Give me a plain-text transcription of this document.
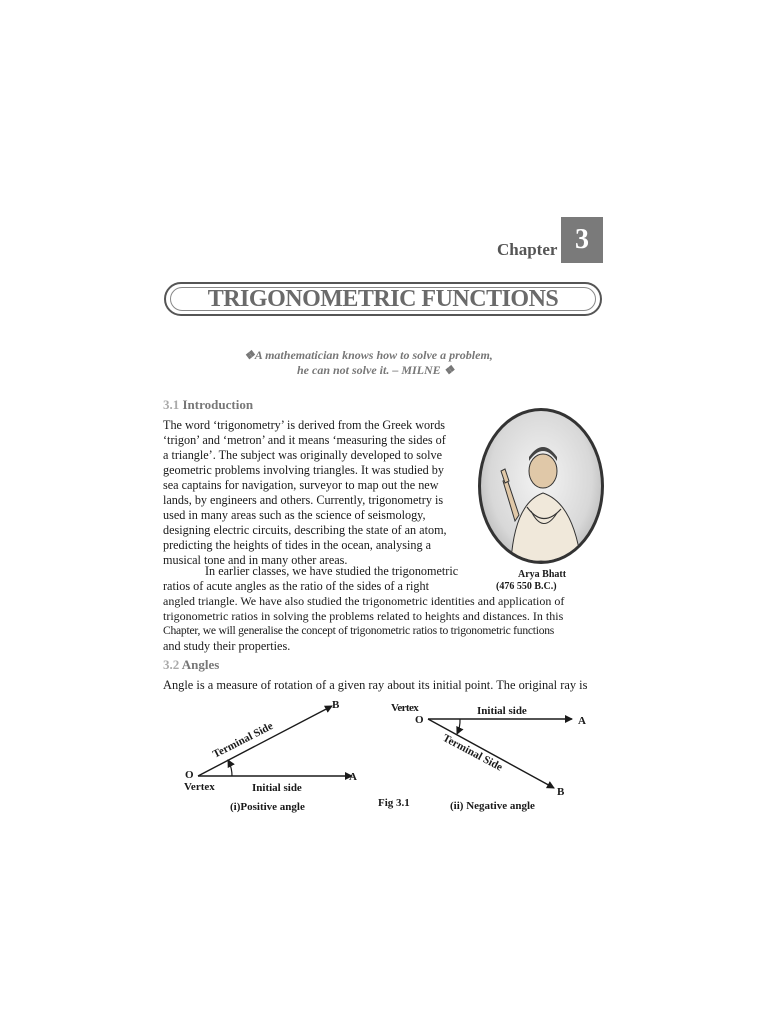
Chapter 3
TRIGONOMETRIC FUNCTIONS
❖A mathematician knows how to solve a problem,
he can not solve it. – MILNE ❖
3.1 Introduction
The word ‘trigonometry’ is derived from the Greek words
‘trigon’ and ‘metron’ and it means ‘measuring the sides of
a triangle’. The subject was originally developed to solve
geometric problems involving triangles. It was studied by
sea captains for navigation, surveyor to map out the new
lands, by engineers and others. Currently, trigonometry is
used in many areas such as the science of seismology,
designing electric circuits, describing the state of an atom,
predicting the heights of tides in the ocean, analysing a
musical tone and in many other areas.
In earlier classes, we have studied the trigonometric
ratios of acute angles as the ratio of the sides of a right
angled triangle. We have also studied the trigonometric identities and application of
trigonometric ratios in solving the problems related to heights and distances. In this
Chapter, we will generalise the concept of trigonometric ratios to trigonometric functions
and study their properties.
Arya Bhatt
(476 550 B.C.)
3.2 Angles
Angle is a measure of rotation of a given ray about its initial point. The original ray is
O
Vertex
A
B
Initial side
Terminal Side
(i)Positive angle	Fig 3.1
Vertex
O	A
B
Initial side
Terminal Side
(ii) Negative angle
